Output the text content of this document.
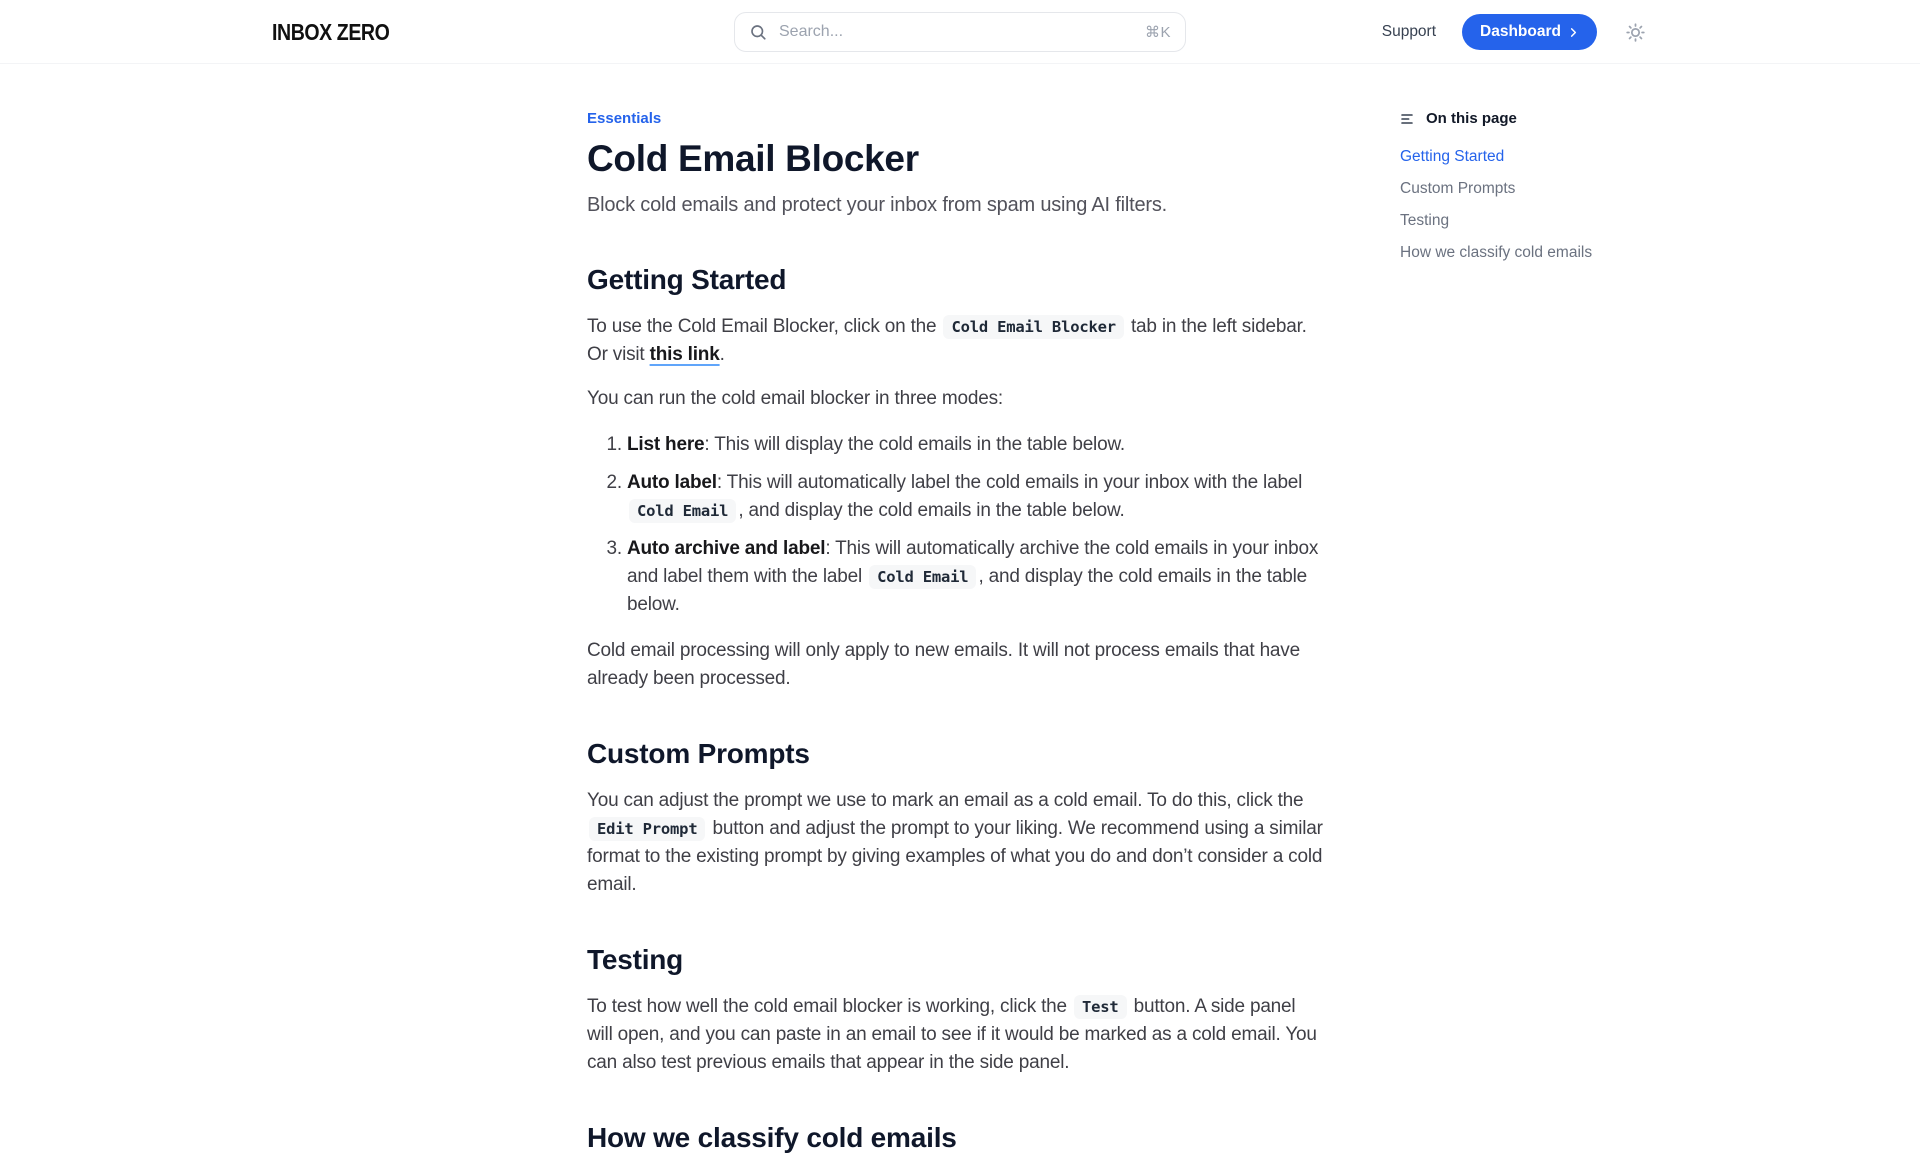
INBOX ZERO
Search...	⌘K	Support	Dashboard
Essentials
Cold Email Blocker

Block cold emails and protect your inbox from spam using AI filters.

Getting Started

To use the Cold Email Blocker, click on the Cold Email Blocker tab in the left sidebar. Or visit this link.

You can run the cold email blocker in three modes:

1. List here: This will display the cold emails in the table below.
2. Auto label: This will automatically label the cold emails in your inbox with the label Cold Email , and display the cold emails in the table below.
3. Auto archive and label: This will automatically archive the cold emails in your inbox and label them with the label Cold Email , and display the cold emails in the table below.

Cold email processing will only apply to new emails. It will not process emails that have already been processed.

Custom Prompts

You can adjust the prompt we use to mark an email as a cold email. To do this, click the Edit Prompt button and adjust the prompt to your liking. We recommend using a similar format to the existing prompt by giving examples of what you do and don’t consider a cold email.

Testing

To test how well the cold email blocker is working, click the Test button. A side panel will open, and you can paste in an email to see if it would be marked as a cold email. You can also test previous emails that appear in the side panel.

How we classify cold emails
On this page
Getting Started
Custom Prompts
Testing
How we classify cold emails
